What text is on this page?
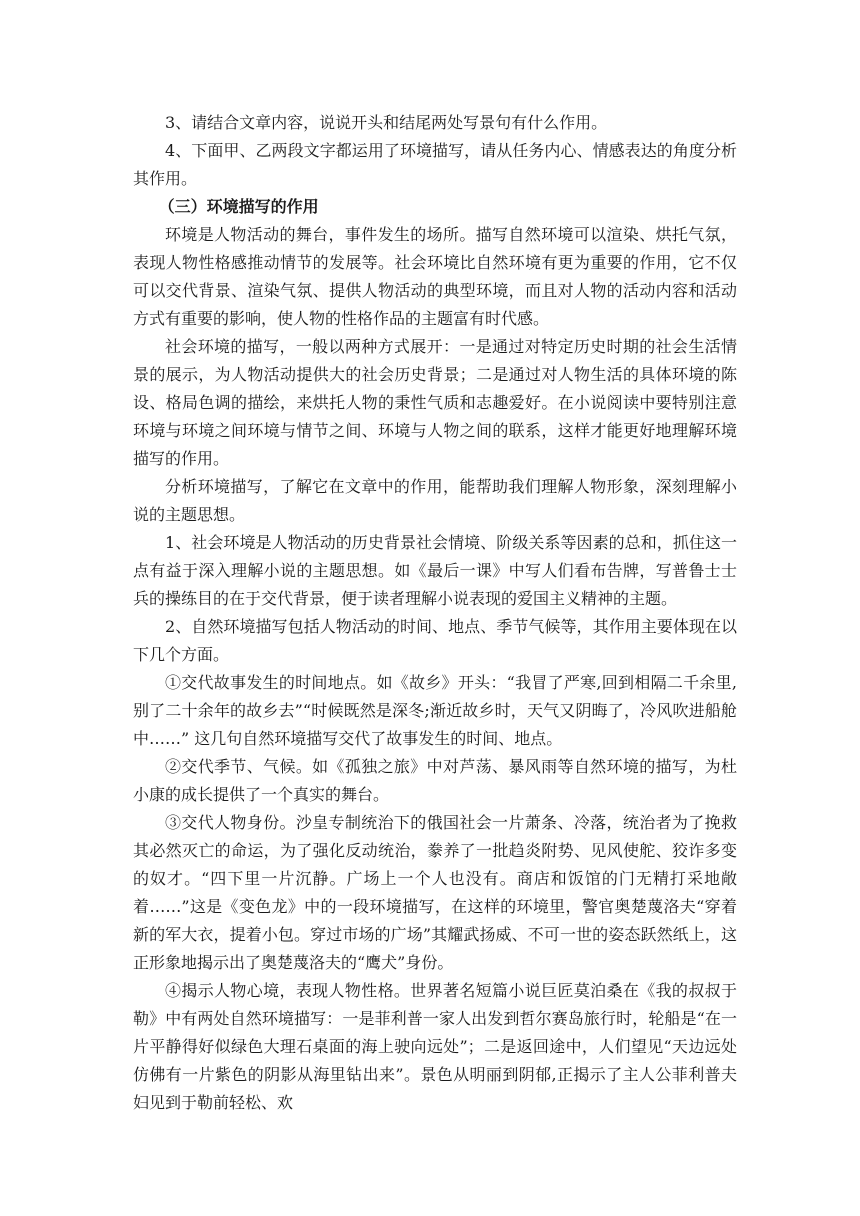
3、请结合文章内容，说说开头和结尾两处写景句有什么作用。

4、下面甲、乙两段文字都运用了环境描写，请从任务内心、情感表达的角度分析其作用。

（三）环境描写的作用

环境是人物活动的舞台，事件发生的场所。描写自然环境可以渲染、烘托气氛，表现人物性格感推动情节的发展等。社会环境比自然环境有更为重要的作用，它不仅可以交代背景、渲染气氛、提供人物活动的典型环境，而且对人物的活动内容和活动方式有重要的影响，使人物的性格作品的主题富有时代感。

社会环境的描写，一般以两种方式展开：一是通过对特定历史时期的社会生活情景的展示，为人物活动提供大的社会历史背景；二是通过对人物生活的具体环境的陈设、格局色调的描绘，来烘托人物的秉性气质和志趣爱好。在小说阅读中要特别注意环境与环境之间环境与情节之间、环境与人物之间的联系，这样才能更好地理解环境描写的作用。

分析环境描写，了解它在文章中的作用，能帮助我们理解人物形象，深刻理解小说的主题思想。

1、社会环境是人物活动的历史背景社会情境、阶级关系等因素的总和，抓住这一点有益于深入理解小说的主题思想。如《最后一课》中写人们看布告牌，写普鲁士士兵的操练目的在于交代背景，便于读者理解小说表现的爱国主义精神的主题。

2、自然环境描写包括人物活动的时间、地点、季节气候等，其作用主要体现在以下几个方面。

①交代故事发生的时间地点。如《故乡》开头：“我冒了严寒,回到相隔二千余里,别了二十余年的故乡去”“时候既然是深冬;渐近故乡时，天气又阴晦了，冷风吹进船舱中……” 这几句自然环境描写交代了故事发生的时间、地点。

②交代季节、气候。如《孤独之旅》中对芦荡、暴风雨等自然环境的描写，为杜小康的成长提供了一个真实的舞台。

③交代人物身份。沙皇专制统治下的俄国社会一片萧条、冷落，统治者为了挽救其必然灭亡的命运，为了强化反动统治，豢养了一批趋炎附势、见风使舵、狡诈多变的奴才。“四下里一片沉静。广场上一个人也没有。商店和饭馆的门无精打采地敞着……”这是《变色龙》中的一段环境描写，在这样的环境里，警官奥楚蔑洛夫“穿着新的军大衣，提着小包。穿过市场的广场”其耀武扬威、不可一世的姿态跃然纸上，这正形象地揭示出了奥楚蔑洛夫的“鹰犬”身份。

④揭示人物心境，表现人物性格。世界著名短篇小说巨匠莫泊桑在《我的叔叔于勒》中有两处自然环境描写：一是菲利普一家人出发到哲尔赛岛旅行时，轮船是“在一片平静得好似绿色大理石桌面的海上驶向远处”；二是返回途中，人们望见“天边远处仿佛有一片紫色的阴影从海里钻出来”。景色从明丽到阴郁,正揭示了主人公菲利普夫妇见到于勒前轻松、欢
